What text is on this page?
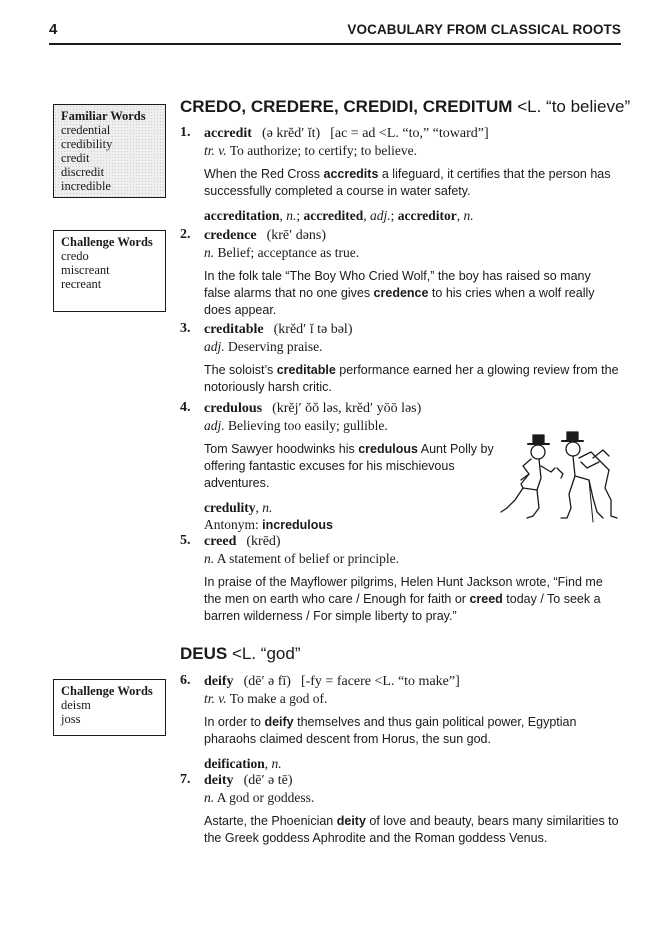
4	VOCABULARY FROM CLASSICAL ROOTS
Familiar Words
credential
credibility
credit
discredit
incredible
Challenge Words
credo
miscreant
recreant
Challenge Words
deism
joss
CREDO, CREDERE, CREDIDI, CREDITUM <L. “to believe”
1. accredit (ə krĕd′ ĭt) [ac = ad <L. “to,” “toward”]
tr. v. To authorize; to certify; to believe.
When the Red Cross accredits a lifeguard, it certifies that the person has successfully completed a course in water safety.
accreditation, n.; accredited, adj.; accreditor, n.
2. credence (krē′ dəns)
n. Belief; acceptance as true.
In the folk tale “The Boy Who Cried Wolf,” the boy has raised so many false alarms that no one gives credence to his cries when a wolf really does appear.
3. creditable (krĕd′ ĭ tə bəl)
adj. Deserving praise.
The soloist’s creditable performance earned her a glowing review from the notoriously harsh critic.
4. credulous (krĕj′ ŏŏ ləs, krĕd′ yōō ləs)
adj. Believing too easily; gullible.
Tom Sawyer hoodwinks his credulous Aunt Polly by offering fantastic excuses for his mischievous adventures.
credulity, n.
Antonym: incredulous
5. creed (krēd)
n. A statement of belief or principle.
In praise of the Mayflower pilgrims, Helen Hunt Jackson wrote, “Find me the men on earth who care / Enough for faith or creed today / To seek a barren wilderness / For simple liberty to pray.”
DEUS <L. “god”
6. deify (dē′ ə fī) [-fy = facere <L. “to make”]
tr. v. To make a god of.
In order to deify themselves and thus gain political power, Egyptian pharaohs claimed descent from Horus, the sun god.
deification, n.
7. deity (dē′ ə tē)
n. A god or goddess.
Astarte, the Phoenician deity of love and beauty, bears many similarities to the Greek goddess Aphrodite and the Roman goddess Venus.
